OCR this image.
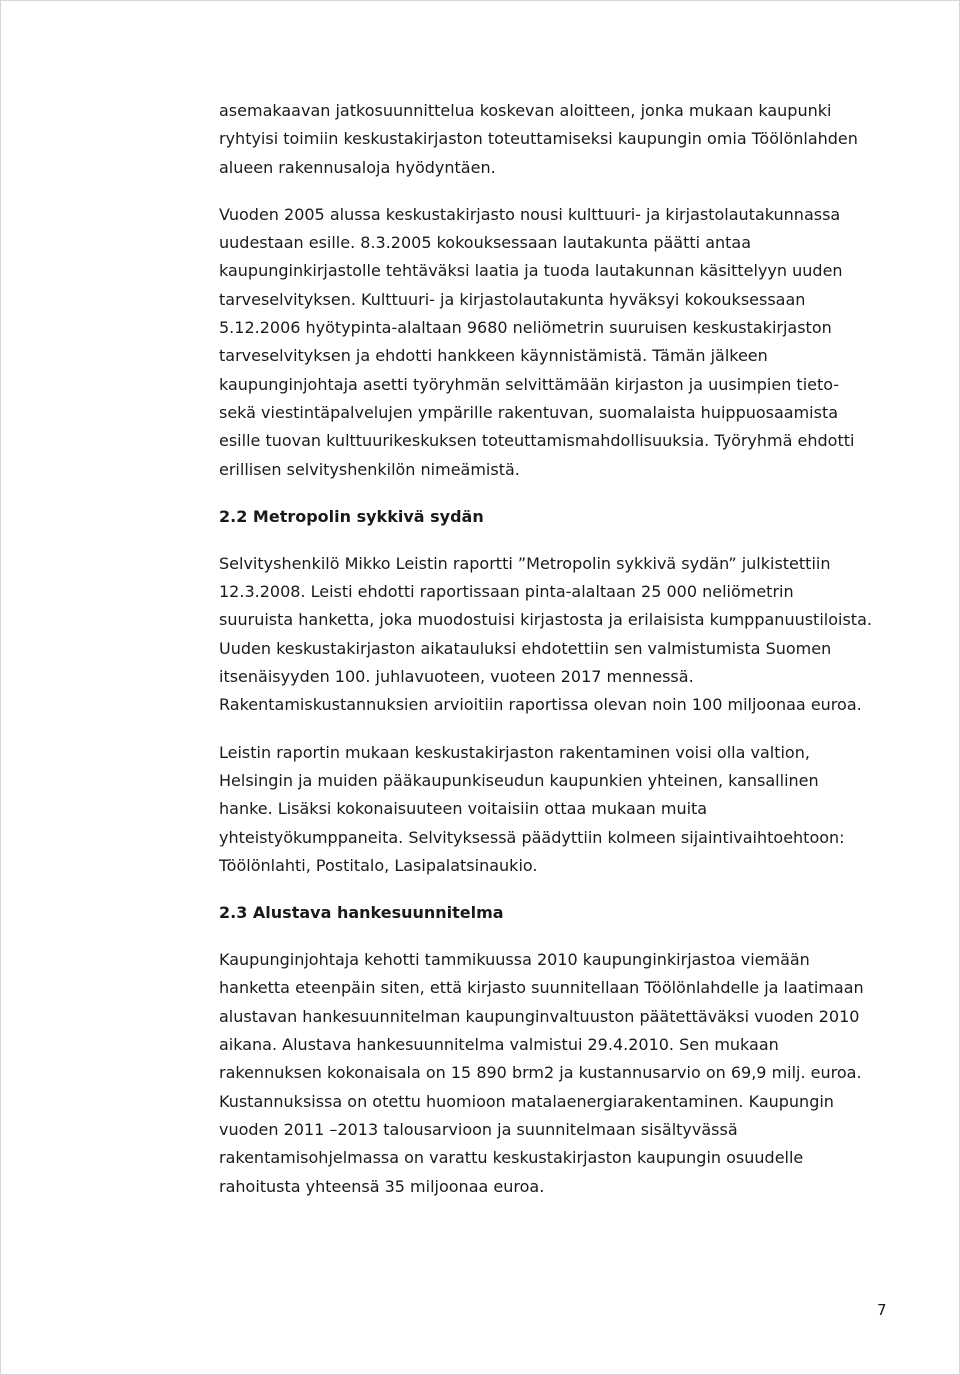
asemakaavan jatkosuunnittelua koskevan aloitteen, jonka mukaan kaupunki
ryhtyisi toimiin keskustakirjaston toteuttamiseksi kaupungin omia Töölönlahden
alueen rakennusaloja hyödyntäen.

Vuoden 2005 alussa keskustakirjasto nousi kulttuuri- ja kirjastolautakunnassa
uudestaan esille. 8.3.2005 kokouksessaan lautakunta päätti antaa
kaupunginkirjastolle tehtäväksi laatia ja tuoda lautakunnan käsittelyyn uuden
tarveselvityksen. Kulttuuri- ja kirjastolautakunta hyväksyi kokouksessaan
5.12.2006 hyötypinta-alaltaan 9680 neliömetrin suuruisen keskustakirjaston
tarveselvityksen ja ehdotti hankkeen käynnistämistä. Tämän jälkeen
kaupunginjohtaja asetti työryhmän selvittämään kirjaston ja uusimpien tieto-
sekä viestintäpalvelujen ympärille rakentuvan, suomalaista huippuosaamista
esille tuovan kulttuurikeskuksen toteuttamismahdollisuuksia. Työryhmä ehdotti
erillisen selvityshenkilön nimeämistä.

2.2 Metropolin sykkivä sydän

Selvityshenkilö Mikko Leistin raportti ”Metropolin sykkivä sydän” julkistettiin
12.3.2008. Leisti ehdotti raportissaan pinta-alaltaan 25 000 neliömetrin
suuruista hanketta, joka muodostuisi kirjastosta ja erilaisista kumppanuustiloista.
Uuden keskustakirjaston aikatauluksi ehdotettiin sen valmistumista Suomen
itsenäisyyden 100. juhlavuoteen, vuoteen 2017 mennessä.
Rakentamiskustannuksien arvioitiin raportissa olevan noin 100 miljoonaa euroa.

Leistin raportin mukaan keskustakirjaston rakentaminen voisi olla valtion,
Helsingin ja muiden pääkaupunkiseudun kaupunkien yhteinen, kansallinen
hanke. Lisäksi kokonaisuuteen voitaisiin ottaa mukaan muita
yhteistyökumppaneita. Selvityksessä päädyttiin kolmeen sijaintivaihtoehtoon:
Töölönlahti, Postitalo, Lasipalatsinaukio.

2.3 Alustava hankesuunnitelma

Kaupunginjohtaja kehotti tammikuussa 2010 kaupunginkirjastoa viemään
hanketta eteenpäin siten, että kirjasto suunnitellaan Töölönlahdelle ja laatimaan
alustavan hankesuunnitelman kaupunginvaltuuston päätettäväksi vuoden 2010
aikana. Alustava hankesuunnitelma valmistui 29.4.2010. Sen mukaan
rakennuksen kokonaisala on 15 890 brm2 ja kustannusarvio on 69,9 milj. euroa.
Kustannuksissa on otettu huomioon matalaenergiarakentaminen. Kaupungin
vuoden 2011 –2013 talousarvioon ja suunnitelmaan sisältyvässä
rakentamisohjelmassa on varattu keskustakirjaston kaupungin osuudelle
rahoitusta yhteensä 35 miljoonaa euroa.

7
